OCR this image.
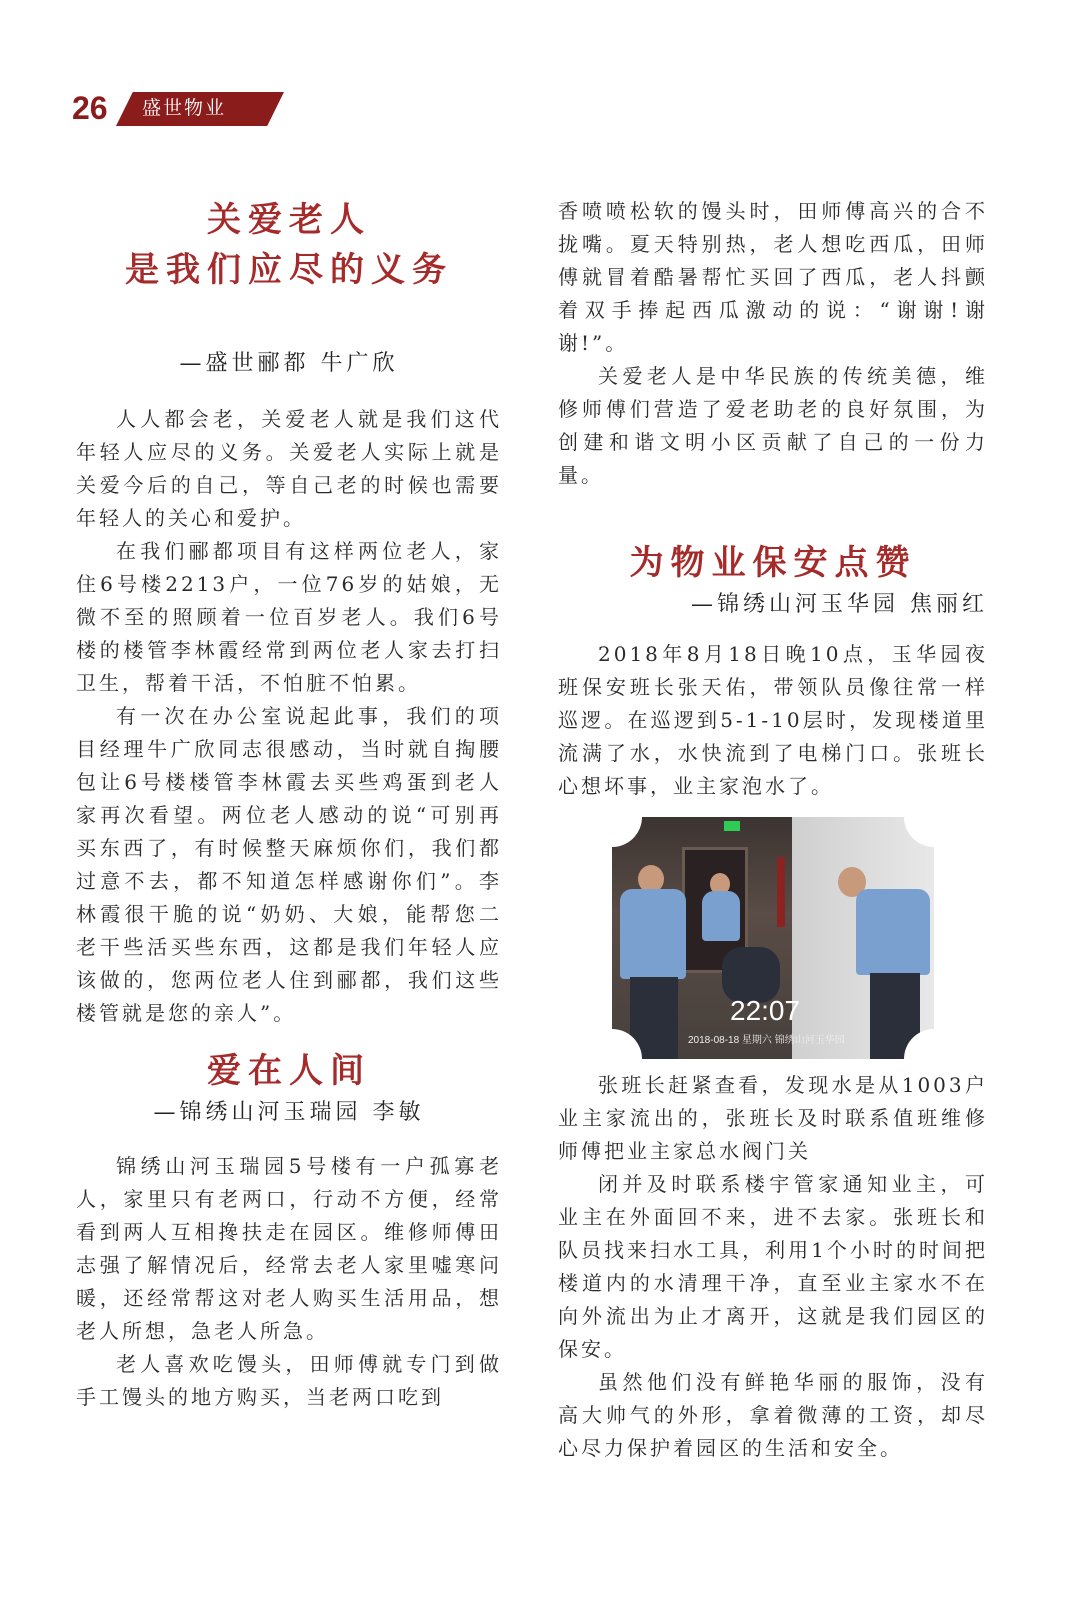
26 盛世物业
关爱老人
是我们应尽的义务

—盛世郦都 牛广欣

人人都会老，关爱老人就是我们这代年轻人应尽的义务。关爱老人实际上就是关爱今后的自己，等自己老的时候也需要年轻人的关心和爱护。

在我们郦都项目有这样两位老人，家住6号楼2213户，一位76岁的姑娘，无微不至的照顾着一位百岁老人。我们6号楼的楼管李林霞经常到两位老人家去打扫卫生，帮着干活，不怕脏不怕累。

有一次在办公室说起此事，我们的项目经理牛广欣同志很感动，当时就自掏腰包让6号楼楼管李林霞去买些鸡蛋到老人家再次看望。两位老人感动的说“可别再买东西了，有时候整天麻烦你们，我们都过意不去，都不知道怎样感谢你们”。李林霞很干脆的说“奶奶、大娘，能帮您二老干些活买些东西，这都是我们年轻人应该做的，您两位老人住到郦都，我们这些楼管就是您的亲人”。

爱在人间

—锦绣山河玉瑞园 李敏

锦绣山河玉瑞园5号楼有一户孤寡老人，家里只有老两口，行动不方便，经常看到两人互相搀扶走在园区。维修师傅田志强了解情况后，经常去老人家里嘘寒问暖，还经常帮这对老人购买生活用品，想老人所想，急老人所急。

老人喜欢吃馒头，田师傅就专门到做手工馒头的地方购买，当老两口吃到

香喷喷松软的馒头时，田师傅高兴的合不拢嘴。夏天特别热，老人想吃西瓜，田师傅就冒着酷暑帮忙买回了西瓜，老人抖颤着双手捧起西瓜激动的说：“谢谢!谢谢!”。

关爱老人是中华民族的传统美德，维修师傅们营造了爱老助老的良好氛围，为创建和谐文明小区贡献了自己的一份力量。

为物业保安点赞

—锦绣山河玉华园 焦丽红

2018年8月18日晚10点，玉华园夜班保安班长张天佑，带领队员像往常一样巡逻。在巡逻到5-1-10层时，发现楼道里流满了水，水快流到了电梯门口。张班长心想坏事，业主家泡水了。

22:07
2018-08-18 星期六 锦绣山河玉华园

张班长赶紧查看，发现水是从1003户业主家流出的，张班长及时联系值班维修师傅把业主家总水阀门关

闭并及时联系楼宇管家通知业主，可业主在外面回不来，进不去家。张班长和队员找来扫水工具，利用1个小时的时间把楼道内的水清理干净，直至业主家水不在向外流出为止才离开，这就是我们园区的保安。

虽然他们没有鲜艳华丽的服饰，没有高大帅气的外形，拿着微薄的工资，却尽心尽力保护着园区的生活和安全。
